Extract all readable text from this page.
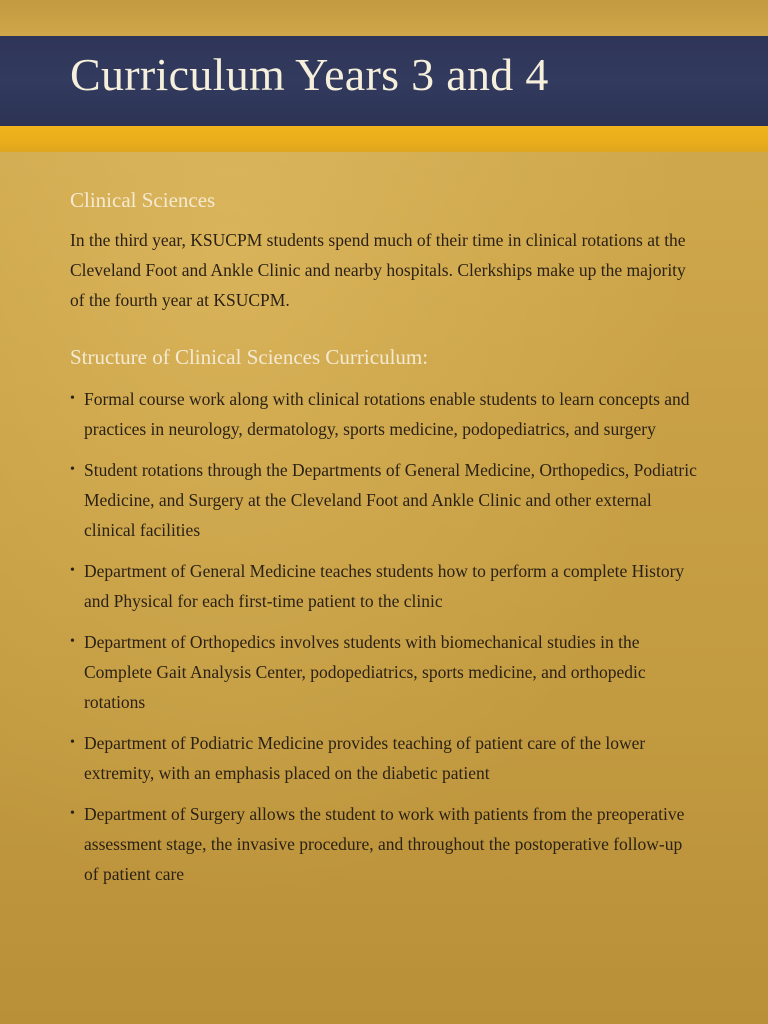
Curriculum Years 3 and 4
Clinical Sciences

In the third year, KSUCPM students spend much of their time in clinical rotations at the Cleveland Foot and Ankle Clinic and nearby hospitals. Clerkships make up the majority of the fourth year at KSUCPM.

Structure of Clinical Sciences Curriculum:
• Formal course work along with clinical rotations enable students to learn concepts and practices in neurology, dermatology, sports medicine, podopediatrics, and surgery
• Student rotations through the Departments of General Medicine, Orthopedics, Podiatric Medicine, and Surgery at the Cleveland Foot and Ankle Clinic and other external clinical facilities
• Department of General Medicine teaches students how to perform a complete History and Physical for each first-time patient to the clinic
• Department of Orthopedics involves students with biomechanical studies in the Complete Gait Analysis Center, podopediatrics, sports medicine, and orthopedic rotations
• Department of Podiatric Medicine provides teaching of patient care of the lower extremity, with an emphasis placed on the diabetic patient
• Department of Surgery allows the student to work with patients from the preoperative assessment stage, the invasive procedure, and throughout the postoperative follow-up of patient care
